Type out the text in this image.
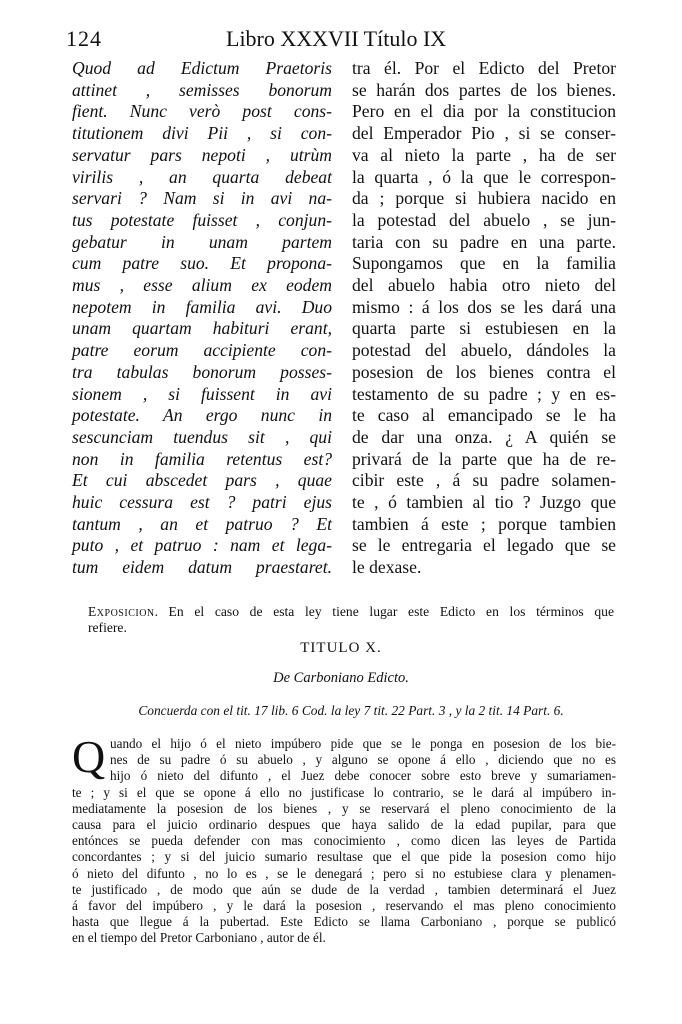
124	Libro XXXVII Título IX
Quod ad Edictum Praetoris
attinet , semisses bonorum
fient. Nunc verò post cons-
titutionem divi Pii , si con-
servatur pars nepoti , utrùm
virilis , an quarta debeat
servari ? Nam si in avi na-
tus potestate fuisset , conjun-
gebatur in unam partem
cum patre suo. Et propona-
mus , esse alium ex eodem
nepotem in familia avi. Duo
unam quartam habituri erant,
patre eorum accipiente con-
tra tabulas bonorum posses-
sionem , si fuissent in avi
potestate. An ergo nunc in
sescunciam tuendus sit , qui
non in familia retentus est?
Et cui abscedet pars , quae
huic cessura est ? patri ejus
tantum , an et patruo ? Et
puto , et patruo : nam et lega-
tum eidem datum praestaret.
tra él. Por el Edicto del Pretor
se harán dos partes de los bienes.
Pero en el dia por la constitucion
del Emperador Pio , si se conser-
va al nieto la parte , ha de ser
la quarta , ó la que le correspon-
da ; porque si hubiera nacido en
la potestad del abuelo , se jun-
taria con su padre en una parte.
Supongamos que en la familia
del abuelo habia otro nieto del
mismo : á los dos se les dará una
quarta parte si estubiesen en la
potestad del abuelo, dándoles la
posesion de los bienes contra el
testamento de su padre ; y en es-
te caso al emancipado se le ha
de dar una onza. ¿ A quién se
privará de la parte que ha de re-
cibir este , á su padre solamen-
te , ó tambien al tio ? Juzgo que
tambien á este ; porque tambien
se le entregaria el legado que se
le dexase.
Exposicion. En el caso de esta ley tiene lugar este Edicto en los términos que
refiere.
TITULO X.
De Carboniano Edicto.
Concuerda con el tit. 17 lib. 6 Cod. la ley 7 tit. 22 Part. 3 , y la 2 tit. 14 Part. 6.
Q uando el hijo ó el nieto impúbero pide que se le ponga en posesion de los bie-
nes de su padre ó su abuelo , y alguno se opone á ello , diciendo que no es
hijo ó nieto del difunto , el Juez debe conocer sobre esto breve y sumariamen-
te ; y si el que se opone á ello no justificase lo contrario, se le dará al impúbero in-
mediatamente la posesion de los bienes , y se reservará el pleno conocimiento de la
causa para el juicio ordinario despues que haya salido de la edad pupilar, para que
entónces se pueda defender con mas conocimiento , como dicen las leyes de Partida
concordantes ; y si del juicio sumario resultase que el que pide la posesion como hijo
ó nieto del difunto , no lo es , se le denegará ; pero si no estubiese clara y plenamen-
te justificado , de modo que aún se dude de la verdad , tambien determinará el Juez
á favor del impúbero , y le dará la posesion , reservando el mas pleno conocimiento
hasta que llegue á la pubertad. Este Edicto se llama Carboniano , porque se publicó
en el tiempo del Pretor Carboniano , autor de él.
